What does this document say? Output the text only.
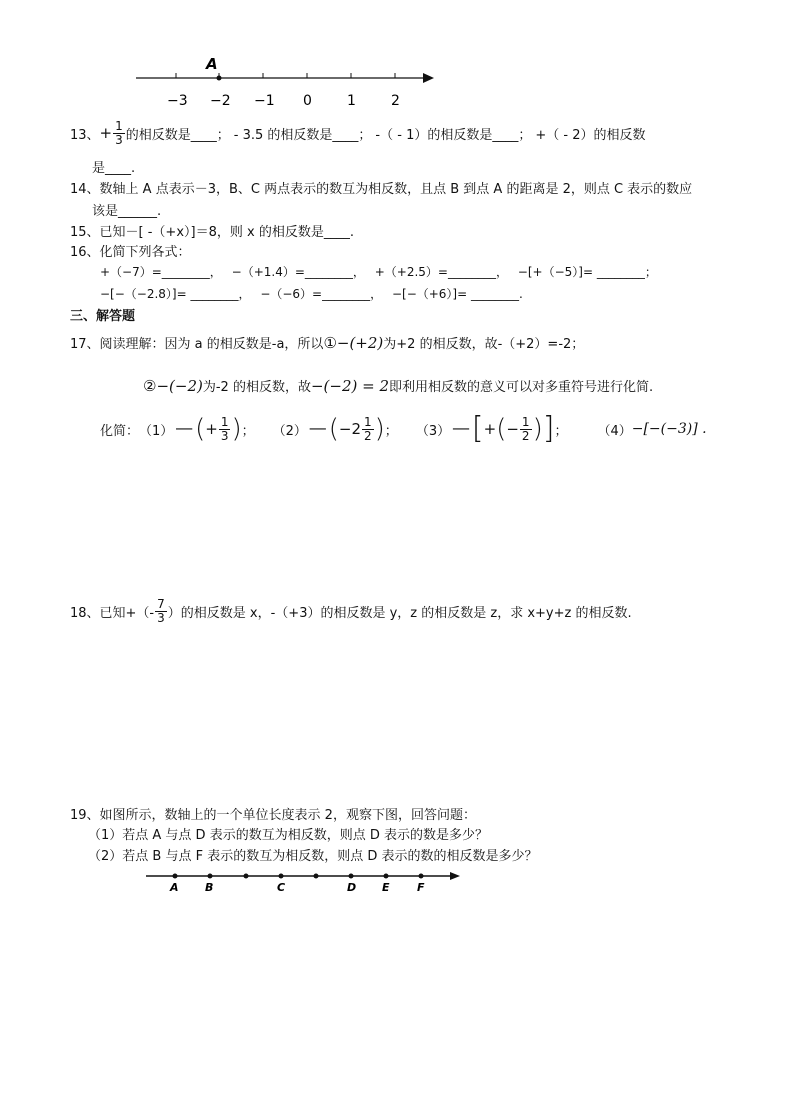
A
−3 −2 −1 0	1	2
13、 + $\frac{1}{3}$ 的相反数是____； - 3.5 的相反数是____； -（ - 1）的相反数是____； +（ - 2）的相反数
是____.
14、数轴上 A 点表示－3，B、C 两点表示的数互为相反数，且点 B 到点 A 的距离是 2，则点 C 表示的数应
该是______.
15、已知－[ -（+x）]＝8，则 x 的相反数是____.
16、化简下列各式：
+（−7）=________， −（+1.4）=________， +（+2.5）=________， −[+（−5）]= ________；
−[−（−2.8）]= ________， −（−6）=________， −[−（+6）]= ________.
三、解答题
17、阅读理解：因为 a 的相反数是-a，所以 ① −(+2) 为+2 的相反数，故-（+2）=-2；
② −(−2) 为-2 的相反数，故 −(−2) = 2 即利用相反数的意义可以对多重符号进行化简.
化简： （1） − ( + $\frac{1}{3}$ ) ； （2） − ( $-2 \frac{1}{2}$ ) ； （3） − [ + ( − $\frac{1}{2}$ ) ] ； （4） −[−(−3)] .
18、已知+（- $\frac{7}{3}$ ）的相反数是 x，-（+3）的相反数是 y，z 的相反数是 z，求 x+y+z 的相反数.
19、如图所示，数轴上的一个单位长度表示 2，观察下图，回答问题：
（1）若点 A 与点 D 表示的数互为相反数，则点 D 表示的数是多少？
（2）若点 B 与点 F 表示的数互为相反数，则点 D 表示的数的相反数是多少？
A B	C	D E F
